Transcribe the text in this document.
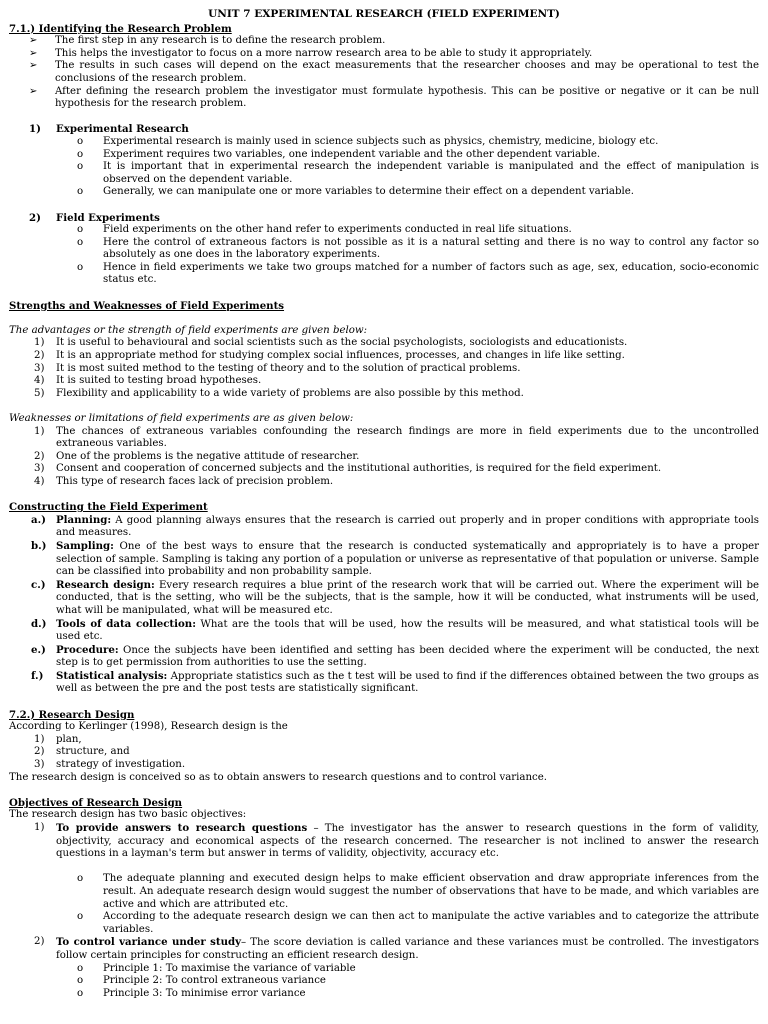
UNIT 7 EXPERIMENTAL RESEARCH (FIELD EXPERIMENT)

7.1.) Identifying the Research Problem

➢	The first step in any research is to define the research problem.
➢	This helps the investigator to focus on a more narrow research area to be able to study it appropriately.
➢	The results in such cases will depend on the exact measurements that the researcher chooses and may be operational to test the conclusions of the research problem.
➢	After defining the research problem the investigator must formulate hypothesis. This can be positive or negative or it can be null hypothesis for the research problem.
1)	Experimental Research
o	Experimental research is mainly used in science subjects such as physics, chemistry, medicine, biology etc.
o	Experiment requires two variables, one independent variable and the other dependent variable.
o	It is important that in experimental research the independent variable is manipulated and the effect of manipulation is observed on the dependent variable.
o	Generally, we can manipulate one or more variables to determine their effect on a dependent variable.
2)	Field Experiments
o	Field experiments on the other hand refer to experiments conducted in real life situations.
o	Here the control of extraneous factors is not possible as it is a natural setting and there is no way to control any factor so absolutely as one does in the laboratory experiments.
o	Hence in field experiments we take two groups matched for a number of factors such as age, sex, education, socio-economic status etc.

Strengths and Weaknesses of Field Experiments

The advantages or the strength of field experiments are given below:

1)	It is useful to behavioural and social scientists such as the social psychologists, sociologists and educationists.
2)	It is an appropriate method for studying complex social influences, processes, and changes in life like setting.
3)	It is most suited method to the testing of theory and to the solution of practical problems.
4)	It is suited to testing broad hypotheses.
5)	Flexibility and applicability to a wide variety of problems are also possible by this method.

Weaknesses or limitations of field experiments are as given below:

1)	The chances of extraneous variables confounding the research findings are more in field experiments due to the uncontrolled extraneous variables.
2)	One of the problems is the negative attitude of researcher.
3)	Consent and cooperation of concerned subjects and the institutional authorities, is required for the field experiment.
4)	This type of research faces lack of precision problem.

Constructing the Field Experiment

a.) Planning: A good planning always ensures that the research is carried out properly and in proper conditions with appropriate tools and measures.
b.) Sampling: One of the best ways to ensure that the research is conducted systematically and appropriately is to have a proper selection of sample. Sampling is taking any portion of a population or universe as representative of that population or universe. Sample can be classified into probability and non probability sample.
c.)	Research design: Every research requires a blue print of the research work that will be carried out. Where the experiment will be conducted, that is the setting, who will be the subjects, that is the sample, how it will be conducted, what instruments will be used, what will be manipulated, what will be measured etc.
d.) Tools of data collection: What are the tools that will be used, how the results will be measured, and what statistical tools will be used etc.
e.) Procedure: Once the subjects have been identified and setting has been decided where the experiment will be conducted, the next step is to get permission from authorities to use the setting.
f.)	Statistical analysis: Appropriate statistics such as the t test will be used to find if the differences obtained between the two groups as well as between the pre and the post tests are statistically significant.

7.2.) Research Design

According to Kerlinger (1998), Research design is the

1)	plan,
2)	structure, and
3)	strategy of investigation.

The research design is conceived so as to obtain answers to research questions and to control variance.

Objectives of Research Design

The research design has two basic objectives:

1)	To provide answers to research questions – The investigator has the answer to research questions in the form of validity, objectivity, accuracy and economical aspects of the research concerned. The researcher is not inclined to answer the research questions in a layman's term but answer in terms of validity, objectivity, accuracy etc.
o	The adequate planning and executed design helps to make efficient observation and draw appropriate inferences from the result. An adequate research design would suggest the number of observations that have to be made, and which variables are active and which are attributed etc.
o	According to the adequate research design we can then act to manipulate the active variables and to categorize the attribute variables.
2)	To control variance under study– The score deviation is called variance and these variances must be controlled. The investigators follow certain principles for constructing an efficient research design.
o	Principle 1: To maximise the variance of variable
o	Principle 2: To control extraneous variance
o	Principle 3: To minimise error variance
